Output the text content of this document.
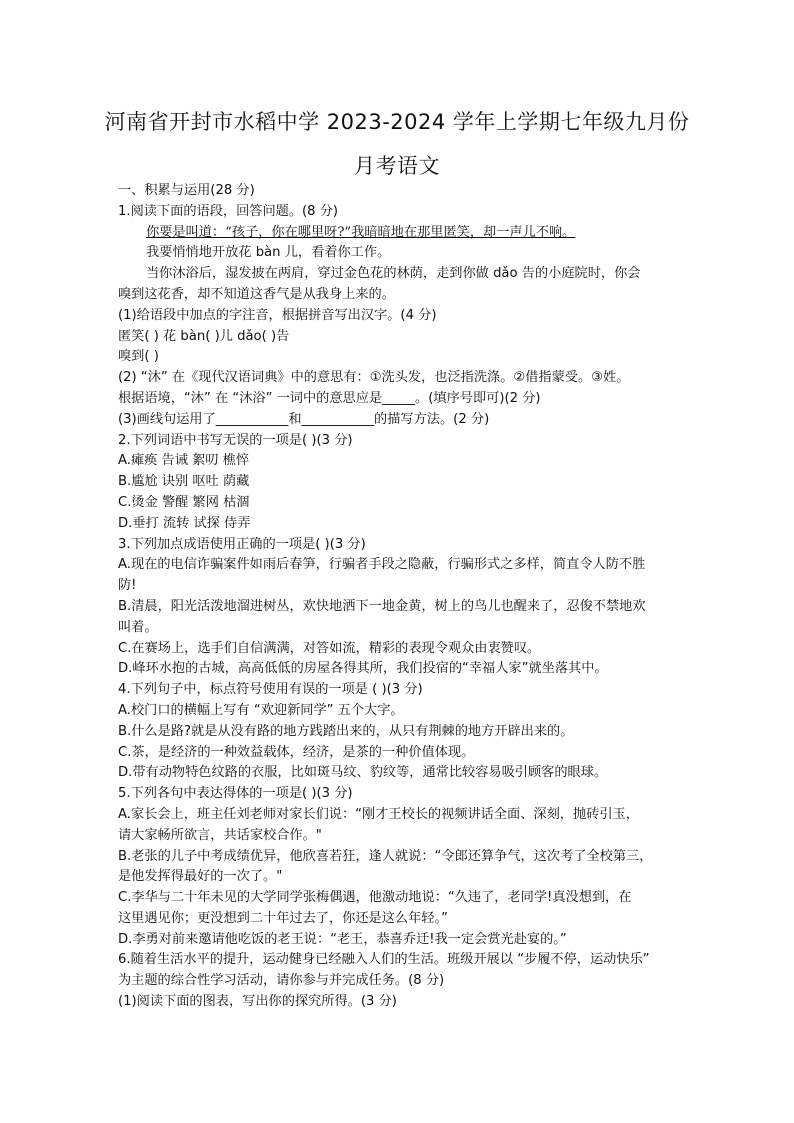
河南省开封市水稻中学 2023-2024 学年上学期七年级九月份
月考语文
一、积累与运用(28 分)
1.阅读下面的语段，回答问题。(8 分)
你要是叫道：“孩子，你在哪里呀?”我暗暗地在那里匿笑，却一声儿不响。
我要悄悄地开放花 bàn 儿，看着你工作。
当你沐浴后，湿发披在两肩，穿过金色花的林荫，走到你做 dǎo 告的小庭院时，你会
嗅到这花香，却不知道这香气是从我身上来的。
(1)给语段中加点的字注音，根据拼音写出汉字。(4 分)
匿笑( ) 花 bàn( )儿 dǎo( )告
嗅到( )
(2) “沐” 在《现代汉语词典》中的意思有：①洗头发，也泛指洗涤。②借指蒙受。③姓。
根据语境，“沐” 在 “沐浴” 一词中的意思应是_____。(填序号即可)(2 分)
(3)画线句运用了___________和___________的描写方法。(2 分)
2.下列词语中书写无误的一项是( )(3 分)
A.瘫痪 告诫 絮叨 樵悴
B.尴尬 诀别 呕吐 荫藏
C.烫金 警醒 繁网 枯涸
D.垂打 流转 试探 侍弄
3.下列加点成语使用正确的一项是( )(3 分)
A.现在的电信诈骗案件如雨后春笋，行骗者手段之隐蔽，行骗形式之多样，简直令人防不胜
防!
B.清晨，阳光活泼地溜进树丛，欢快地洒下一地金黄，树上的鸟儿也醒来了，忍俊不禁地欢
叫着。
C.在赛场上，选手们自信满满，对答如流，精彩的表现令观众由衷赞叹。
D.峰环水抱的古城，高高低低的房屋各得其所，我们投宿的“幸福人家”就坐落其中。
4.下列句子中，标点符号使用有误的一项是 ( )(3 分)
A.校门口的横幅上写有 “欢迎新同学” 五个大字。
B.什么是路?就是从没有路的地方践踏出来的，从只有荆棘的地方开辟出来的。
C.茶，是经济的一种效益载体，经济，是茶的一种价值体现。
D.带有动物特色纹路的衣服，比如斑马纹、豹纹等，通常比较容易吸引顾客的眼球。
5.下列各句中表达得体的一项是( )(3 分)
A.家长会上，班主任刘老师对家长们说：“刚才王校长的视频讲话全面、深刻，抛砖引玉，
请大家畅所欲言，共话家校合作。"
B.老张的儿子中考成绩优异，他欣喜若狂，逢人就说：“令郎还算争气，这次考了全校第三，
是他发挥得最好的一次了。"
C.李华与二十年未见的大学同学张梅偶遇，他激动地说：“久违了，老同学!真没想到，在
这里遇见你；更没想到二十年过去了，你还是这么年轻。”
D.李勇对前来邀请他吃饭的老王说：“老王，恭喜乔迁!我一定会赏光赴宴的。”
6.随着生活水平的提升，运动健身已经融入人们的生活。班级开展以 “步履不停，运动快乐”
为主题的综合性学习活动，请你参与并完成任务。(8 分)
(1)阅读下面的图表，写出你的探究所得。(3 分)
